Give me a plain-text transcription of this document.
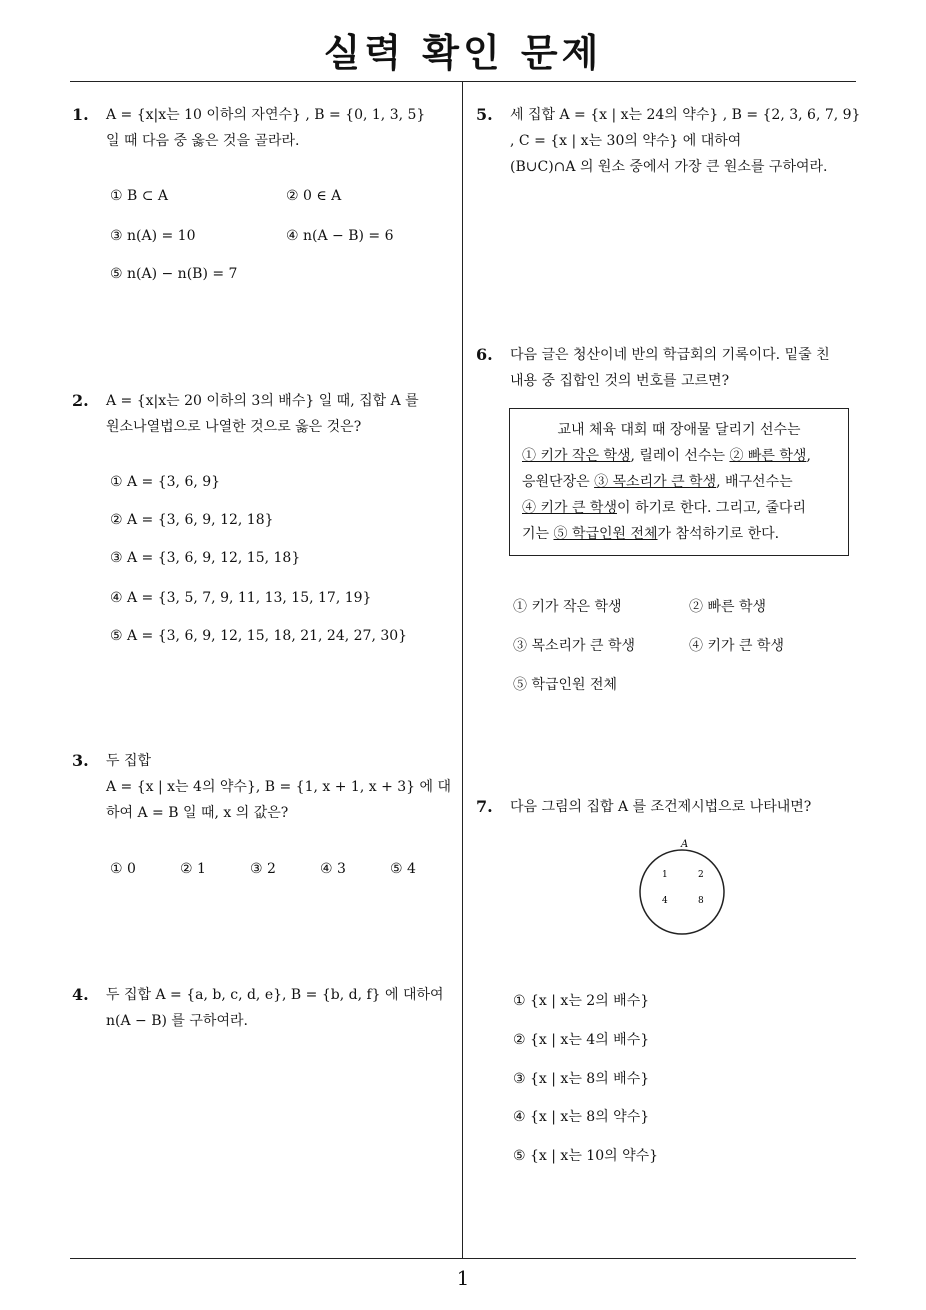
실력 확인 문제
1
1. A = {x|x는 10 이하의 자연수} , B = {0, 1, 3, 5}
일 때 다음 중 옳은 것을 골라라.
① B ⊂ A	② 0 ∈ A
③ n(A) = 10	④ n(A − B) = 6
⑤ n(A) − n(B) = 7
2. A = {x|x는 20 이하의 3의 배수} 일 때, 집합 A 를
원소나열법으로 나열한 것으로 옳은 것은?
① A = {3, 6, 9}
② A = {3, 6, 9, 12, 18}
③ A = {3, 6, 9, 12, 15, 18}
④ A = {3, 5, 7, 9, 11, 13, 15, 17, 19}
⑤ A = {3, 6, 9, 12, 15, 18, 21, 24, 27, 30}
3. 두 집합
A = {x | x는 4의 약수}, B = {1, x + 1, x + 3} 에 대
하여 A = B 일 때, x 의 값은?
① 0	② 1	③ 2	④ 3	⑤ 4
4. 두 집합 A = {a, b, c, d, e}, B = {b, d, f} 에 대하여
n(A − B) 를 구하여라.
5. 세 집합 A = {x | x는 24의 약수} , B = {2, 3, 6, 7, 9}
, C = {x | x는 30의 약수} 에 대하여
(B∪C)∩A 의 원소 중에서 가장 큰 원소를 구하여라.
6. 다음 글은 청산이네 반의 학급회의 기록이다. 밑줄 친
내용 중 집합인 것의 번호를 고르면?
교내 체육 대회 때 장애물 달리기 선수는
① 키가 작은 학생, 릴레이 선수는 ② 빠른 학생,
응원단장은 ③ 목소리가 큰 학생, 배구선수는
④ 키가 큰 학생이 하기로 한다. 그리고, 줄다리
기는 ⑤ 학급인원 전체가 참석하기로 한다.
① 키가 작은 학생	② 빠른 학생
③ 목소리가 큰 학생	④ 키가 큰 학생
⑤ 학급인원 전체
7. 다음 그림의 집합 A 를 조건제시법으로 나타내면?
A
1	2
4	8
① {x | x는 2의 배수}
② {x | x는 4의 배수}
③ {x | x는 8의 배수}
④ {x | x는 8의 약수}
⑤ {x | x는 10의 약수}
